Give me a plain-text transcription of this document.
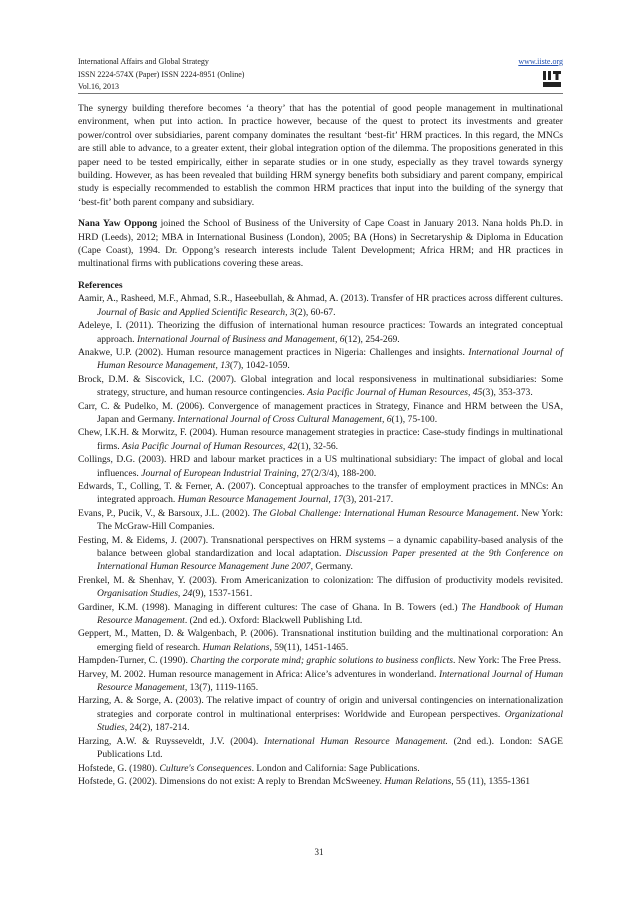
International Affairs and Global Strategy
ISSN 2224-574X (Paper) ISSN 2224-8951 (Online)
Vol.16, 2013
www.iiste.org

The synergy building therefore becomes ‘a theory’ that has the potential of good people management in multinational environment, when put into action. In practice however, because of the quest to protect its investments and greater power/control over subsidiaries, parent company dominates the resultant ‘best-fit’ HRM practices. In this regard, the MNCs are still able to advance, to a greater extent, their global integration option of the dilemma. The propositions generated in this paper need to be tested empirically, either in separate studies or in one study, especially as they travel towards synergy building. However, as has been revealed that building HRM synergy benefits both subsidiary and parent company, empirical study is especially recommended to establish the common HRM practices that input into the building of the synergy that ‘best-fit’ both parent company and subsidiary.

Nana Yaw Oppong joined the School of Business of the University of Cape Coast in January 2013. Nana holds Ph.D. in HRD (Leeds), 2012; MBA in International Business (London), 2005; BA (Hons) in Secretaryship & Diploma in Education (Cape Coast), 1994. Dr. Oppong’s research interests include Talent Development; Africa HRM; and HR practices in multinational firms with publications covering these areas.

References

Aamir, A., Rasheed, M.F., Ahmad, S.R., Haseebullah, & Ahmad, A. (2013). Transfer of HR practices across different cultures. Journal of Basic and Applied Scientific Research, 3(2), 60-67.

Adeleye, I. (2011). Theorizing the diffusion of international human resource practices: Towards an integrated conceptual approach. International Journal of Business and Management, 6(12), 254-269.

Anakwe, U.P. (2002). Human resource management practices in Nigeria: Challenges and insights. International Journal of Human Resource Management, 13(7), 1042-1059.

Brock, D.M. & Siscovick, I.C. (2007). Global integration and local responsiveness in multinational subsidiaries: Some strategy, structure, and human resource contingencies. Asia Pacific Journal of Human Resources, 45(3), 353-373.

Carr, C. & Pudelko, M. (2006). Convergence of management practices in Strategy, Finance and HRM between the USA, Japan and Germany. International Journal of Cross Cultural Management, 6(1), 75-100.

Chew, I.K.H. & Morwitz, F. (2004). Human resource management strategies in practice: Case-study findings in multinational firms. Asia Pacific Journal of Human Resources, 42(1), 32-56.

Collings, D.G. (2003). HRD and labour market practices in a US multinational subsidiary: The impact of global and local influences. Journal of European Industrial Training, 27(2/3/4), 188-200.

Edwards, T., Colling, T. & Ferner, A. (2007). Conceptual approaches to the transfer of employment practices in MNCs: An integrated approach. Human Resource Management Journal, 17(3), 201-217.

Evans, P., Pucik, V., & Barsoux, J.L. (2002). The Global Challenge: International Human Resource Management. New York: The McGraw-Hill Companies.

Festing, M. & Eidems, J. (2007). Transnational perspectives on HRM systems – a dynamic capability-based analysis of the balance between global standardization and local adaptation. Discussion Paper presented at the 9th Conference on International Human Resource Management June 2007, Germany.

Frenkel, M. & Shenhav, Y. (2003). From Americanization to colonization: The diffusion of productivity models revisited. Organisation Studies, 24(9), 1537-1561.

Gardiner, K.M. (1998). Managing in different cultures: The case of Ghana. In B. Towers (ed.) The Handbook of Human Resource Management. (2nd ed.). Oxford: Blackwell Publishing Ltd.

Geppert, M., Matten, D. & Walgenbach, P. (2006). Transnational institution building and the multinational corporation: An emerging field of research. Human Relations, 59(11), 1451-1465.

Hampden-Turner, C. (1990). Charting the corporate mind; graphic solutions to business conflicts. New York: The Free Press.

Harvey, M. 2002. Human resource management in Africa: Alice’s adventures in wonderland. International Journal of Human Resource Management, 13(7), 1119-1165.

Harzing, A. & Sorge, A. (2003). The relative impact of country of origin and universal contingencies on internationalization strategies and corporate control in multinational enterprises: Worldwide and European perspectives. Organizational Studies, 24(2), 187-214.

Harzing, A.W. & Ruysseveldt, J.V. (2004). International Human Resource Management. (2nd ed.). London: SAGE Publications Ltd.

Hofstede, G. (1980). Culture's Consequences. London and California: Sage Publications.

Hofstede, G. (2002). Dimensions do not exist: A reply to Brendan McSweeney. Human Relations, 55 (11), 1355-1361

31
